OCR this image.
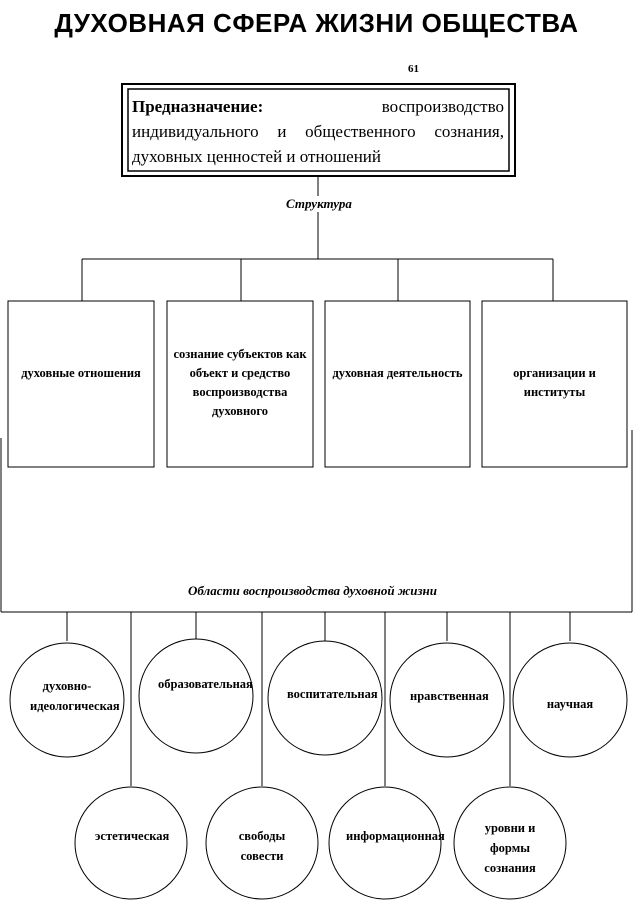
ДУХОВНАЯ СФЕРА ЖИЗНИ ОБЩЕСТВА
61
Предназначение:	воспроизводство индивидуального и общественного сознания, духовных ценностей и отношений
Структура
духовные отношения
сознание субъектов как объект и средство воспроизводства духовного
духовная деятельность	организации и институты
Области воспроизводства духовной жизни
духовно-идеологическая
образовательная
воспитательная	нравственная
научная
эстетическая	свободы совести
информационная
уровни и формы сознания
